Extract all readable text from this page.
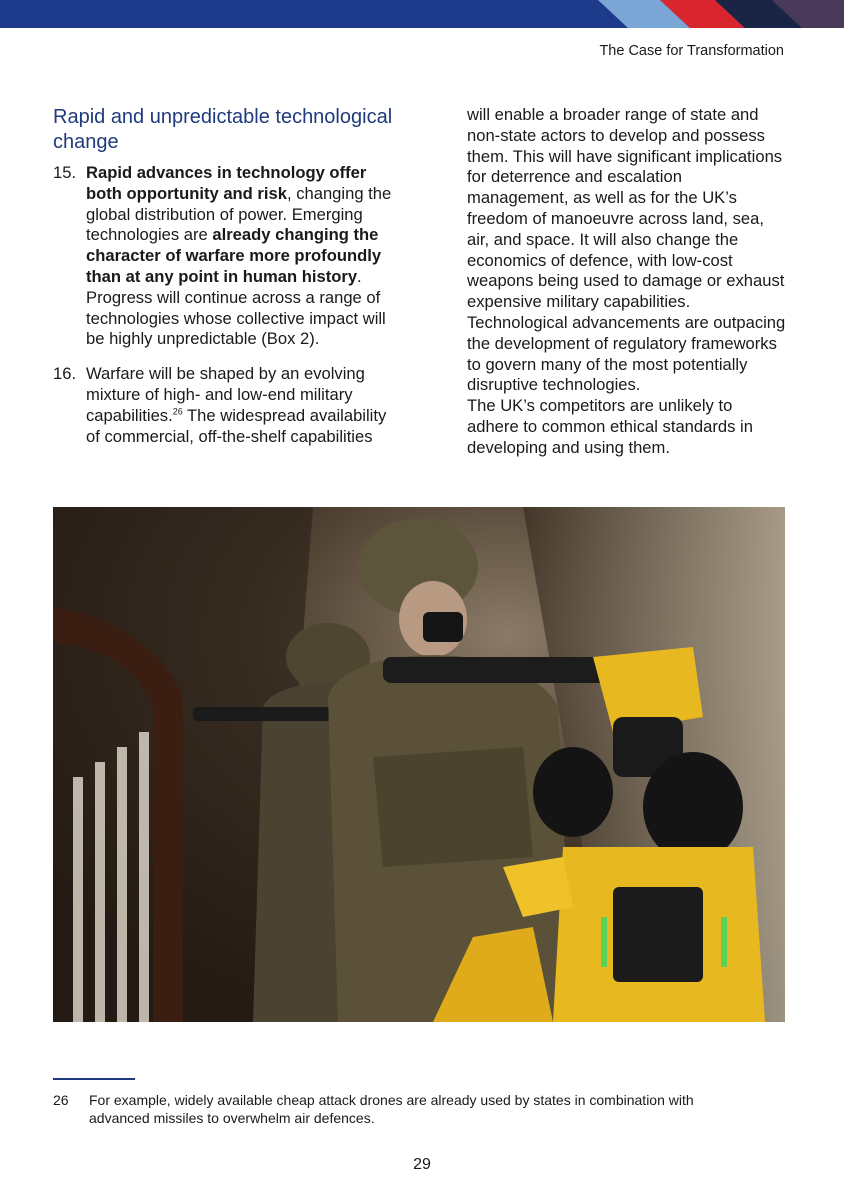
The Case for Transformation
Rapid and unpredictable technological change
15. Rapid advances in technology offer both opportunity and risk, changing the global distribution of power. Emerging technologies are already changing the character of warfare more profoundly than at any point in human history. Progress will continue across a range of technologies whose collective impact will be highly unpredictable (Box 2).
16. Warfare will be shaped by an evolving mixture of high- and low-end military capabilities.$^{26}$ The widespread availability of commercial, off-the-shelf capabilities

will enable a broader range of state and non-state actors to develop and possess them. This will have significant implications for deterrence and escalation management, as well as for the UK’s freedom of manoeuvre across land, sea, air, and space. It will also change the economics of defence, with low-cost weapons being used to damage or exhaust expensive military capabilities. Technological advancements are outpacing the development of regulatory frameworks to govern many of the most potentially disruptive technologies.

The UK’s competitors are unlikely to adhere to common ethical standards in developing and using them.

26 For example, widely available cheap attack drones are already used by states in combination with advanced missiles to overwhelm air defences.
29
